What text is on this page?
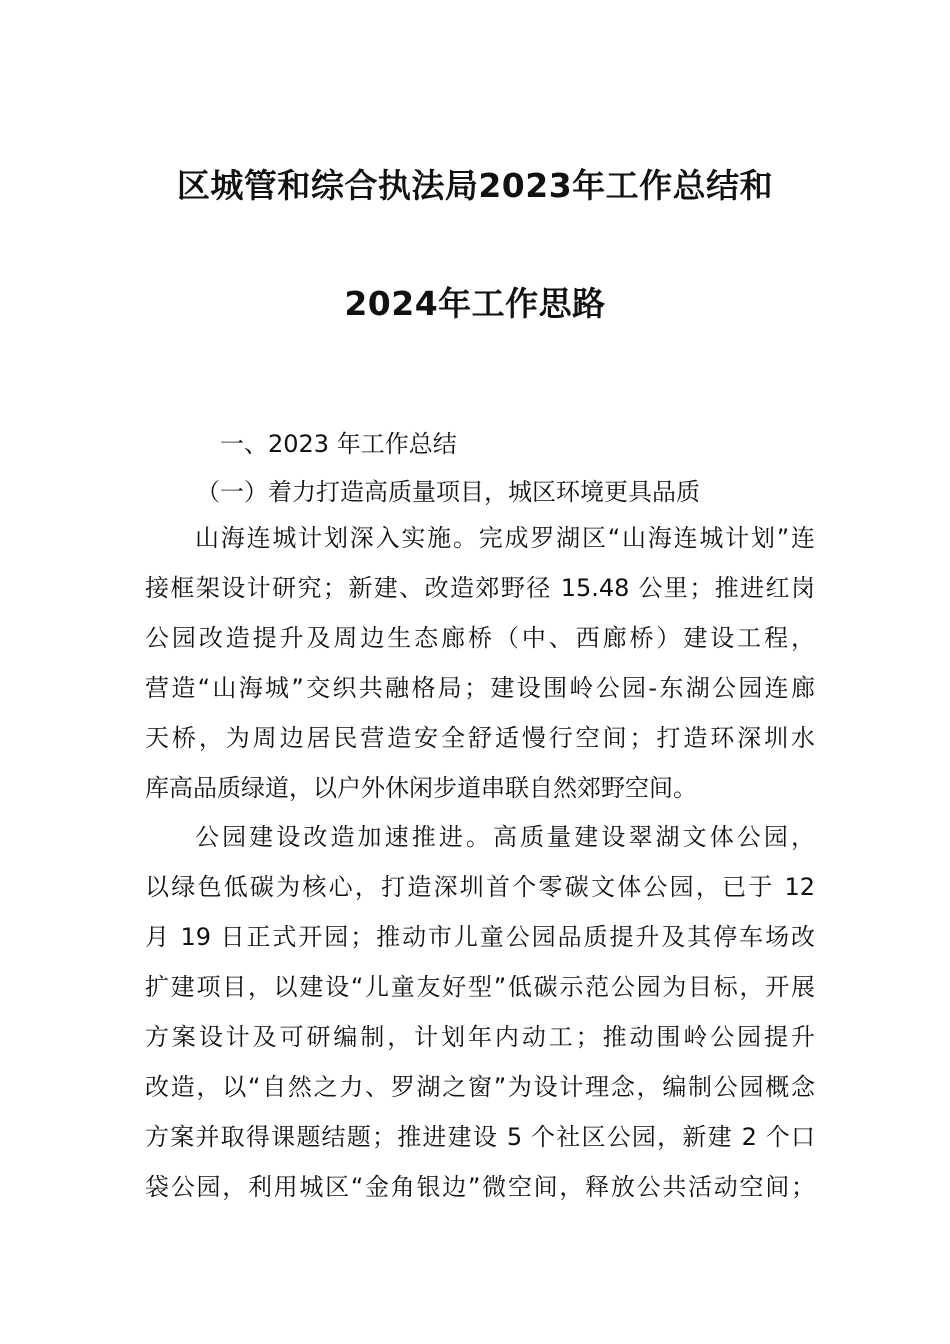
区城管和综合执法局2023年工作总结和
2024年工作思路
一、2023 年工作总结
（一）着力打造高质量项目，城区环境更具品质
山海连城计划深入实施。完成罗湖区“山海连城计划”连
接框架设计研究；新建、改造郊野径 15.48 公里；推进红岗
公园改造提升及周边生态廊桥（中、西廊桥）建设工程，
营造“山海城”交织共融格局；建设围岭公园-东湖公园连廊
天桥，为周边居民营造安全舒适慢行空间；打造环深圳水
库高品质绿道，以户外休闲步道串联自然郊野空间。
公园建设改造加速推进。高质量建设翠湖文体公园，
以绿色低碳为核心，打造深圳首个零碳文体公园，已于 12
月 19 日正式开园；推动市儿童公园品质提升及其停车场改
扩建项目，以建设“儿童友好型”低碳示范公园为目标，开展
方案设计及可研编制，计划年内动工；推动围岭公园提升
改造，以“自然之力、罗湖之窗”为设计理念，编制公园概念
方案并取得课题结题；推进建设 5 个社区公园，新建 2 个口
袋公园，利用城区“金角银边”微空间，释放公共活动空间；
